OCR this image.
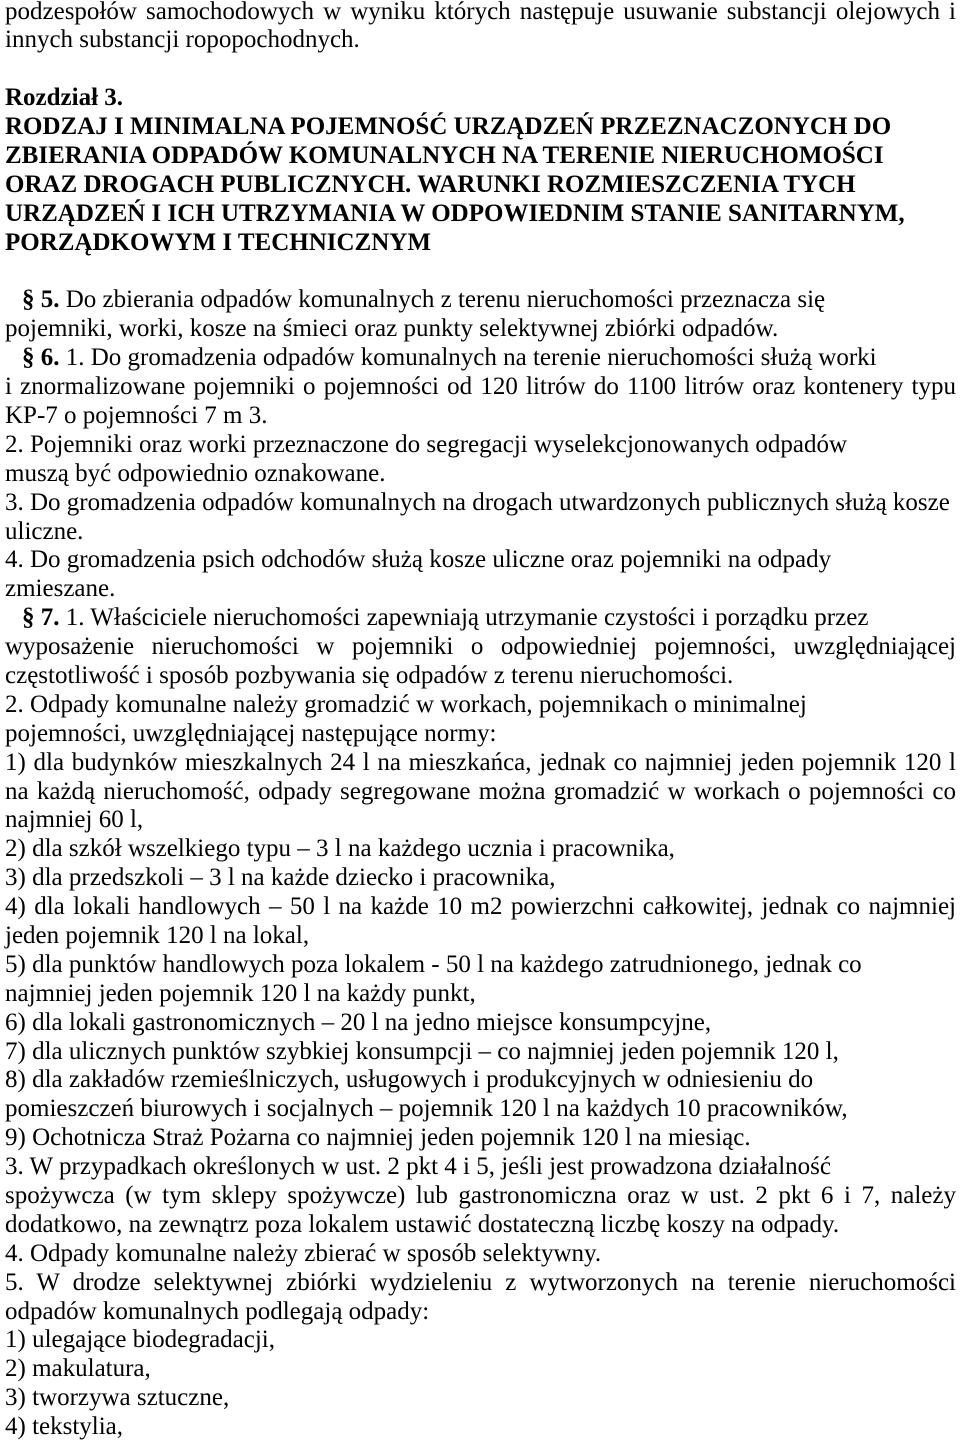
podzespołów samochodowych w wyniku których następuje usuwanie substancji olejowych i
innych substancji ropopochodnych.
Rozdział 3.
RODZAJ I MINIMALNA POJEMNOŚĆ URZĄDZEŃ PRZEZNACZONYCH DO
ZBIERANIA ODPADÓW KOMUNALNYCH NA TERENIE NIERUCHOMOŚCI
ORAZ DROGACH PUBLICZNYCH. WARUNKI ROZMIESZCZENIA TYCH
URZĄDZEŃ I ICH UTRZYMANIA W ODPOWIEDNIM STANIE SANITARNYM,
PORZĄDKOWYM I TECHNICZNYM
§ 5. Do zbierania odpadów komunalnych z terenu nieruchomości przeznacza się
pojemniki, worki, kosze na śmieci oraz punkty selektywnej zbiórki odpadów.
§ 6. 1. Do gromadzenia odpadów komunalnych na terenie nieruchomości służą worki
i znormalizowane pojemniki o pojemności od 120 litrów do 1100 litrów oraz kontenery typu
KP-7 o pojemności 7 m 3.
2. Pojemniki oraz worki przeznaczone do segregacji wyselekcjonowanych odpadów
muszą być odpowiednio oznakowane.
3. Do gromadzenia odpadów komunalnych na drogach utwardzonych publicznych służą kosze
uliczne.
4. Do gromadzenia psich odchodów służą kosze uliczne oraz pojemniki na odpady
zmieszane.
§ 7. 1. Właściciele nieruchomości zapewniają utrzymanie czystości i porządku przez
wyposażenie nieruchomości w pojemniki o odpowiedniej pojemności, uwzględniającej
częstotliwość i sposób pozbywania się odpadów z terenu nieruchomości.
2. Odpady komunalne należy gromadzić w workach, pojemnikach o minimalnej
pojemności, uwzględniającej następujące normy:
1) dla budynków mieszkalnych 24 l na mieszkańca, jednak co najmniej jeden pojemnik 120 l
na każdą nieruchomość, odpady segregowane można gromadzić w workach o pojemności co
najmniej 60 l,
2) dla szkół wszelkiego typu – 3 l na każdego ucznia i pracownika,
3) dla przedszkoli – 3 l na każde dziecko i pracownika,
4) dla lokali handlowych – 50 l na każde 10 m2 powierzchni całkowitej, jednak co najmniej
jeden pojemnik 120 l na lokal,
5) dla punktów handlowych poza lokalem - 50 l na każdego zatrudnionego, jednak co
najmniej jeden pojemnik 120 l na każdy punkt,
6) dla lokali gastronomicznych – 20 l na jedno miejsce konsumpcyjne,
7) dla ulicznych punktów szybkiej konsumpcji – co najmniej jeden pojemnik 120 l,
8) dla zakładów rzemieślniczych, usługowych i produkcyjnych w odniesieniu do
pomieszczeń biurowych i socjalnych – pojemnik 120 l na każdych 10 pracowników,
9) Ochotnicza Straż Pożarna co najmniej jeden pojemnik 120 l na miesiąc.
3. W przypadkach określonych w ust. 2 pkt 4 i 5, jeśli jest prowadzona działalność
spożywcza (w tym sklepy spożywcze) lub gastronomiczna oraz w ust. 2 pkt 6 i 7, należy
dodatkowo, na zewnątrz poza lokalem ustawić dostateczną liczbę koszy na odpady.
4. Odpady komunalne należy zbierać w sposób selektywny.
5. W drodze selektywnej zbiórki wydzieleniu z wytworzonych na terenie nieruchomości
odpadów komunalnych podlegają odpady:
1) ulegające biodegradacji,
2) makulatura,
3) tworzywa sztuczne,
4) tekstylia,
